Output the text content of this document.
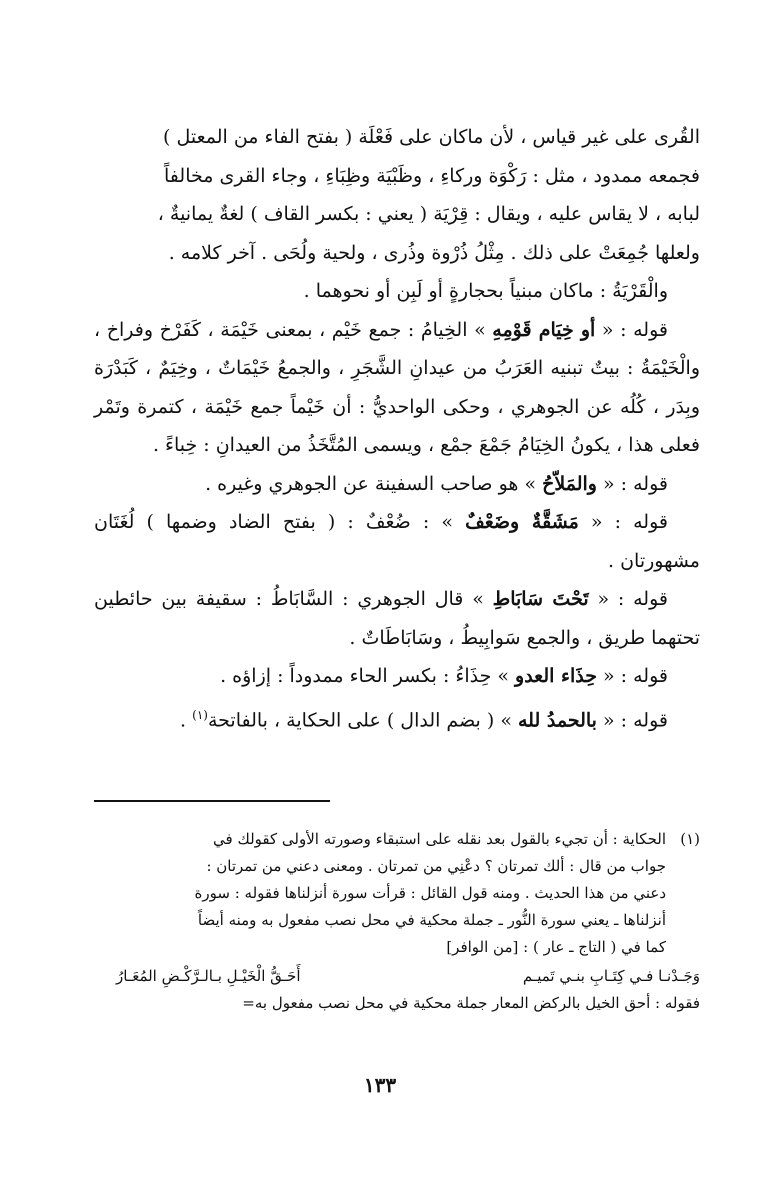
القُرى على غير قياس ، لأن ماكان على فَعْلَة ( بفتح الفاء من المعتل )

فجمعه ممدود ، مثل : رَكْوَة وركاءِ ، وظَبْيَة وظِبَاءِ ، وجاء القرى مخالفاً

لبابه ، لا يقاس عليه ، ويقال : قِرْيَة ( يعني : بكسر القاف ) لغةٌ يمانيةٌ ،

ولعلها جُمِعَتْ على ذلك . مِثْلُ ذُرْوة وذُرى ، ولحية ولُحَى . آخر كلامه .

والْقَرْيَةُ : ماكان مبنياً بحجارةٍ أو لَبِن أو نحوهما .

قوله : « أو خِيَام قَوْمِهِ » الخِيامُ : جمع خَيْم ، بمعنى خَيْمَة ، كَفَرْخ وفراخ ، والْخَيْمَةُ : بيتٌ تبنيه العَرَبُ من عيدانِ الشَّجَرِ ، والجمعُ خَيْمَاتٌ ، وخِيَمٌ ، كَبَدْرَة وبِدَر ، كُلُه عن الجوهري ، وحكى الواحديُّ : أن خَيْماً جمع خَيْمَة ، كتمرة وتَمْر فعلى هذا ، يكونُ الخِيَامُ جَمْعَ جمْع ، ويسمى المُتَّخَذُ من العيدانِ : خِباءً .

قوله : « والمَلاّحُ » هو صاحب السفينة عن الجوهري وغيره .

قوله : « مَشَقَّةٌ وضَعْفٌ » : ضُعْفٌ : ( بفتح الضاد وضمها ) لُغَتَان مشهورتان .

قوله : « تَحْتَ سَابَاطِ » قال الجوهري : السَّابَاطُ : سقيفة بين حائطين تحتهما طريق ، والجمع سَوابِيطُ ، وسَابَاطَاتٌ .

قوله : « حِذَاء العدو » حِذَاءُ : بكسر الحاء ممدوداً : إزاؤه .

قوله : « بالحمدُ لله » ( بضم الدال ) على الحكاية ، بالفاتحة$^{(١)}$ .

(١)
الحكاية : أن تجيء بالقول بعد نقله على استبقاء وصورته الأولى كقولك في
جواب من قال : ألك تمرتان ؟ دعْنِي من تمرتان . ومعنى دعني من تمرتان :
دعني من هذا الحديث . ومنه قول القائل : قرأت سورة أنزلناها فقوله : سورة
أنزلناها ـ يعني سورة النُّور ـ جملة محكية في محل نصب مفعول به ومنه أيضاً
كما في ( التاج ـ عار ) : [من الوافر]
وَجَـدْنـا فـي كِتَـابِ بنـي تَميـم
أَحَـقُّ الْخَيْـلِ بـالـرَّكْـضِ المُعَـارُ
فقوله : أحق الخيل بالركض المعار جملة محكية في محل نصب مفعول به=
١٣٣
